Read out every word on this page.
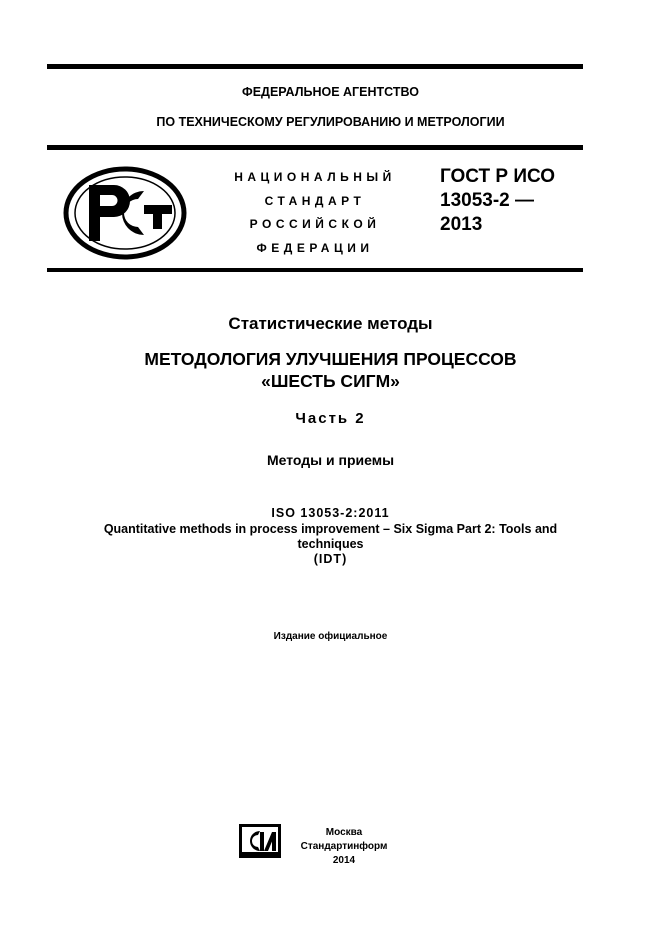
ФЕДЕРАЛЬНОЕ АГЕНТСТВО
ПО ТЕХНИЧЕСКОМУ РЕГУЛИРОВАНИЮ И МЕТРОЛОГИИ
НАЦИОНАЛЬНЫЙ
СТАНДАРТ
РОССИЙСКОЙ
ФЕДЕРАЦИИ
ГОСТ Р ИСО
13053-2 —
2013
Статистические методы
МЕТОДОЛОГИЯ УЛУЧШЕНИЯ ПРОЦЕССОВ
«ШЕСТЬ СИГМ»
Часть 2
Методы и приемы
ISO 13053-2:2011
Quantitative methods in process improvement – Six Sigma Part 2: Tools and
techniques
(IDT)
Издание официальное
Москва
Стандартинформ
2014
